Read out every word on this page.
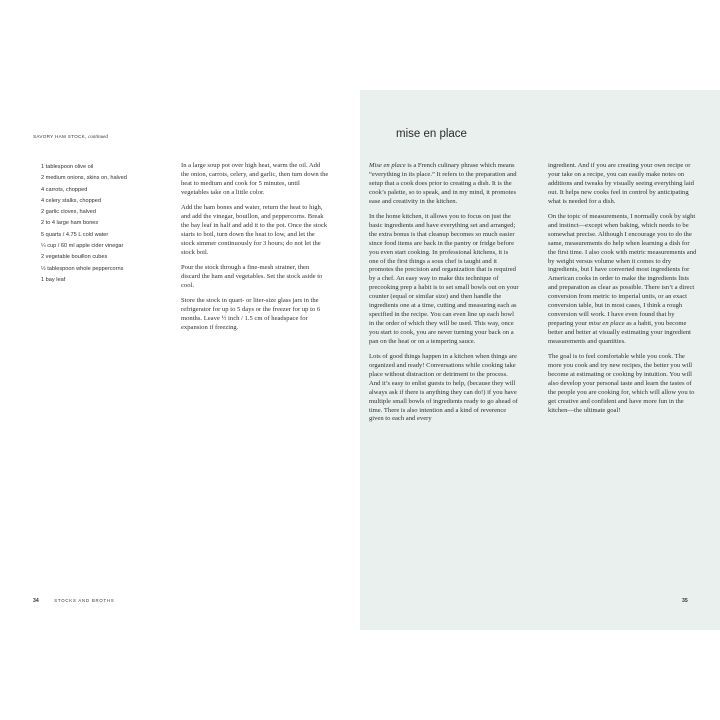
SAVORY HAM STOCK, continued
1 tablespoon olive oil
2 medium onions, skins on, halved
4 carrots, chopped
4 celery stalks, chopped
2 garlic cloves, halved
2 to 4 large ham bones
5 quarts / 4.75 L cold water
¼ cup / 60 ml apple cider vinegar
2 vegetable bouillon cubes
½ tablespoon whole peppercorns
1 bay leaf

In a large soup pot over high heat, warm the oil. Add the onion, carrots, celery, and garlic, then turn down the heat to medium and cook for 5 minutes, until vegetables take on a little color.

Add the ham bones and water, return the heat to high, and add the vinegar, bouillon, and peppercorns. Break the bay leaf in half and add it to the pot. Once the stock starts to boil, turn down the heat to low, and let the stock simmer continuously for 3 hours; do not let the stock boil.

Pour the stock through a fine-mesh strainer, then discard the ham and vegetables. Set the stock aside to cool.

Store the stock in quart- or liter-size glass jars in the refrigerator for up to 5 days or the freezer for up to 6 months. Leave ½ inch / 1.5 cm of headspace for expansion if freezing.

34	STOCKS AND BROTHS
mise en place

Mise en place is a French culinary phrase which means “everything in its place.” It refers to the preparation and setup that a cook does prior to creating a dish. It is the cook’s palette, so to speak, and in my mind, it promotes ease and creativity in the kitchen.

In the home kitchen, it allows you to focus on just the basic ingredients and have everything set and arranged; the extra bonus is that cleanup becomes so much easier since food items are back in the pantry or fridge before you even start cooking. In professional kitchens, it is one of the first things a sous chef is taught and it promotes the precision and organization that is required by a chef. An easy way to make this technique of precooking prep a habit is to set small bowls out on your counter (equal or similar size) and then handle the ingredients one at a time, cutting and measuring each as specified in the recipe. You can even line up each bowl in the order of which they will be used. This way, once you start to cook, you are never turning your back on a pan on the heat or on a tempering sauce.

Lots of good things happen in a kitchen when things are organized and ready! Conversations while cooking take place without distraction or detriment to the process. And it’s easy to enlist guests to help, (because they will always ask if there is anything they can do!) if you have multiple small bowls of ingredients ready to go ahead of time. There is also intention and a kind of reverence given to each and every

ingredient. And if you are creating your own recipe or your take on a recipe, you can easily make notes on additions and tweaks by visually seeing everything laid out. It helps new cooks feel in control by anticipating what is needed for a dish.

On the topic of measurements, I normally cook by sight and instinct—except when baking, which needs to be somewhat precise. Although I encourage you to do the same, measurements do help when learning a dish for the first time. I also cook with metric measurements and by weight versus volume when it comes to dry ingredients, but I have converted most ingredients for American cooks in order to make the ingredients lists and preparation as clear as possible. There isn’t a direct conversion from metric to imperial units, or an exact conversion table, but in most cases, I think a rough conversion will work. I have even found that by preparing your mise en place as a habit, you become better and better at visually estimating your ingredient measurements and quantities.

The goal is to feel comfortable while you cook. The more you cook and try new recipes, the better you will become at estimating or cooking by intuition. You will also develop your personal taste and learn the tastes of the people you are cooking for, which will allow you to get creative and confident and have more fun in the kitchen—the ultimate goal!

35
